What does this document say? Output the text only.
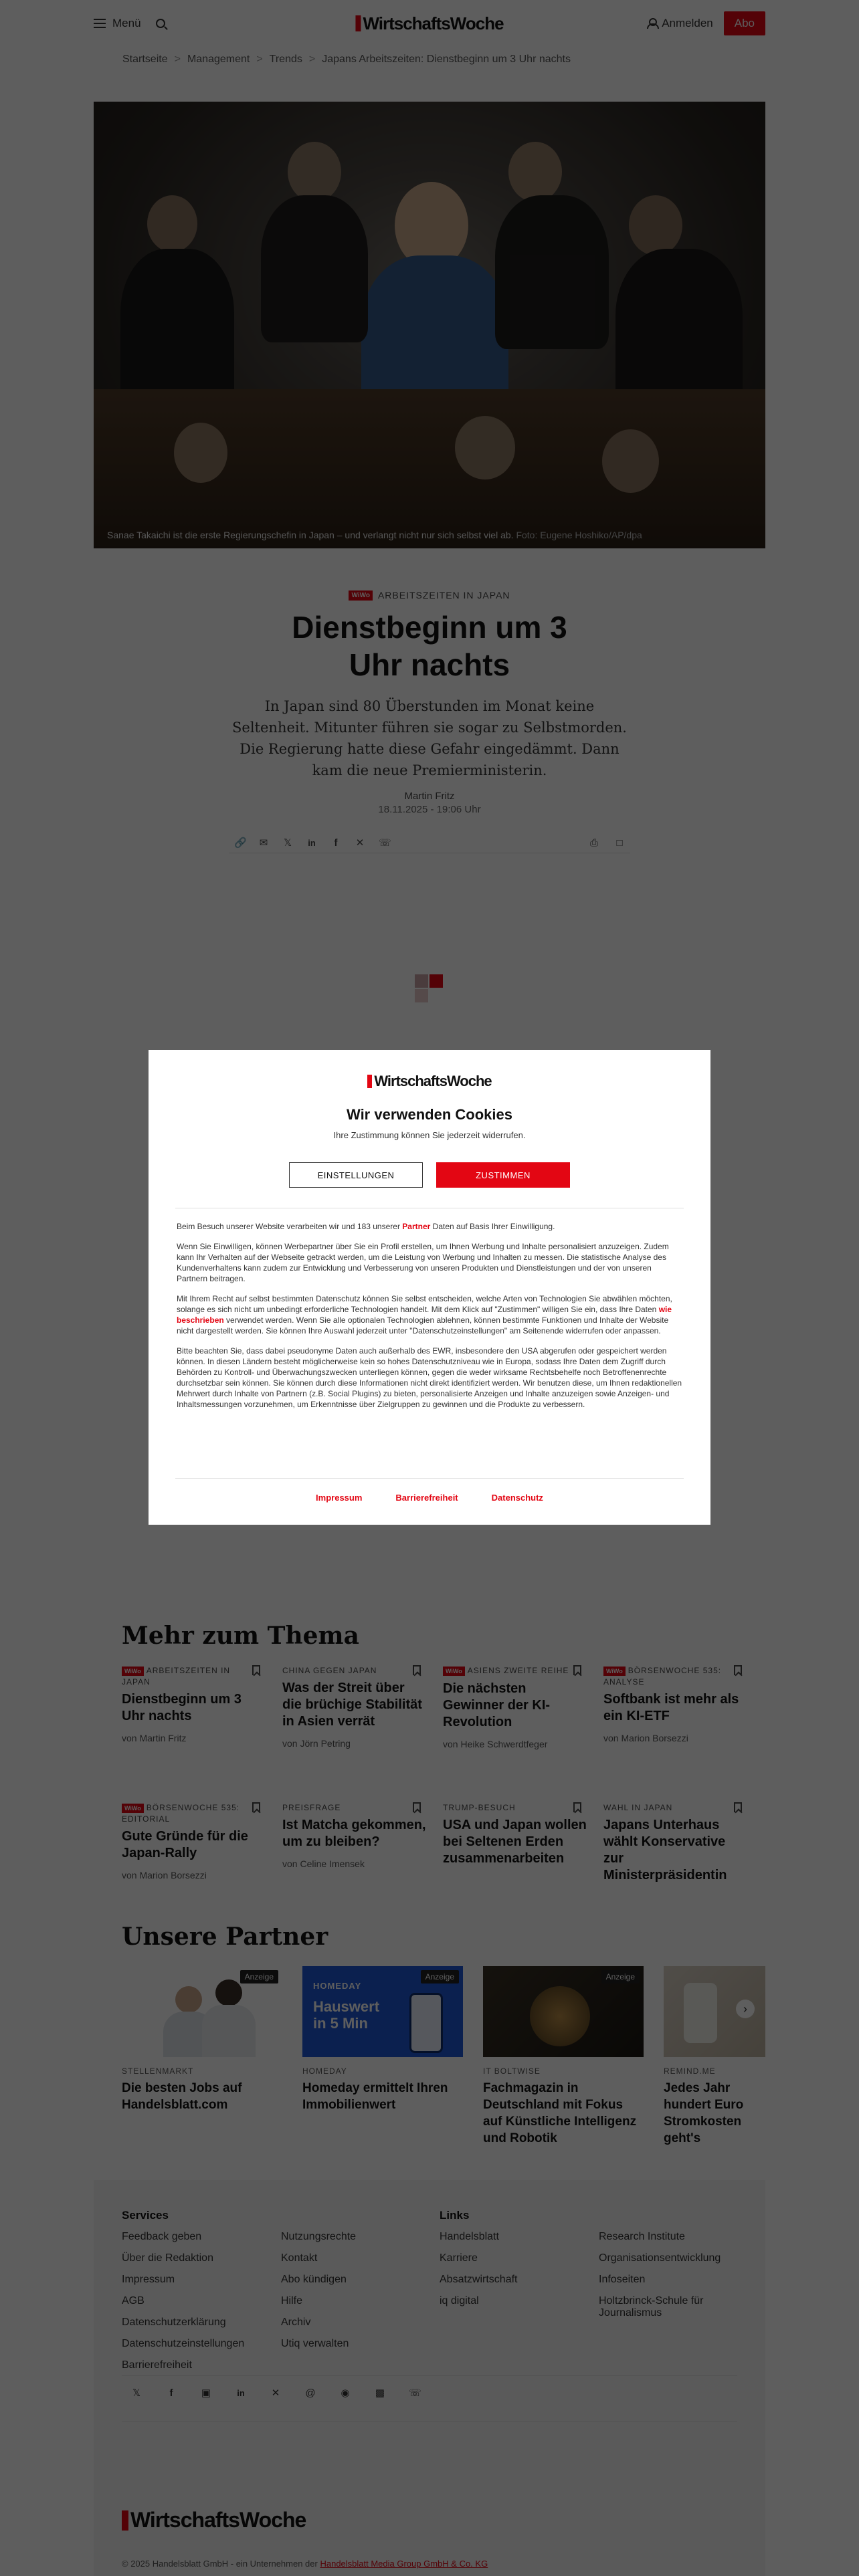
WirtschaftsWoche
Wir verwenden Cookies
Ihre Zustimmung können Sie jederzeit widerrufen.
EINSTELLUNGEN	ZUSTIMMEN

Beim Besuch unserer Website verarbeiten wir und 183 unserer Partner Daten auf Basis Ihrer Einwilligung.

Wenn Sie Einwilligen, können Werbepartner über Sie ein Profil erstellen, um Ihnen Werbung und Inhalte personalisiert anzuzeigen. Zudem kann Ihr Verhalten auf der Webseite getrackt werden, um die Leistung von Werbung und Inhalten zu messen. Die statistische Analyse des Kundenverhaltens kann zudem zur Entwicklung und Verbesserung von unseren Produkten und Dienstleistungen und der von unseren Partnern beitragen.

Mit Ihrem Recht auf selbst bestimmten Datenschutz können Sie selbst entscheiden, welche Arten von Technologien Sie abwählen möchten, solange es sich nicht um unbedingt erforderliche Technologien handelt. Mit dem Klick auf "Zustimmen" willigen Sie ein, dass Ihre Daten wie beschrieben verwendet werden. Wenn Sie alle optionalen Technologien ablehnen, können bestimmte Funktionen und Inhalte der Website nicht dargestellt werden. Sie können Ihre Auswahl jederzeit unter "Datenschutzeinstellungen" am Seitenende widerrufen oder anpassen.

Bitte beachten Sie, dass dabei pseudonyme Daten auch außerhalb des EWR, insbesondere den USA abgerufen oder gespeichert werden können. In diesen Ländern besteht möglicherweise kein so hohes Datenschutzniveau wie in Europa, sodass Ihre Daten dem Zugriff durch Behörden zu Kontroll- und Überwachungszwecken unterliegen können, gegen die weder wirksame Rechtsbehelfe noch Betroffenenrechte durchsetzbar sein können. Sie können durch diese Informationen nicht direkt identifiziert werden. Wir benutzen diese, um Ihnen redaktionellen Mehrwert durch Inhalte von Partnern (z.B. Social Plugins) zu bieten, personalisierte Anzeigen und Inhalte anzuzeigen sowie Anzeigen- und Inhaltsmessungen vorzunehmen, um Erkenntnisse über Zielgruppen zu gewinnen und die Produkte zu verbessern.

Impressum	Barrierefreiheit	Datenschutz
